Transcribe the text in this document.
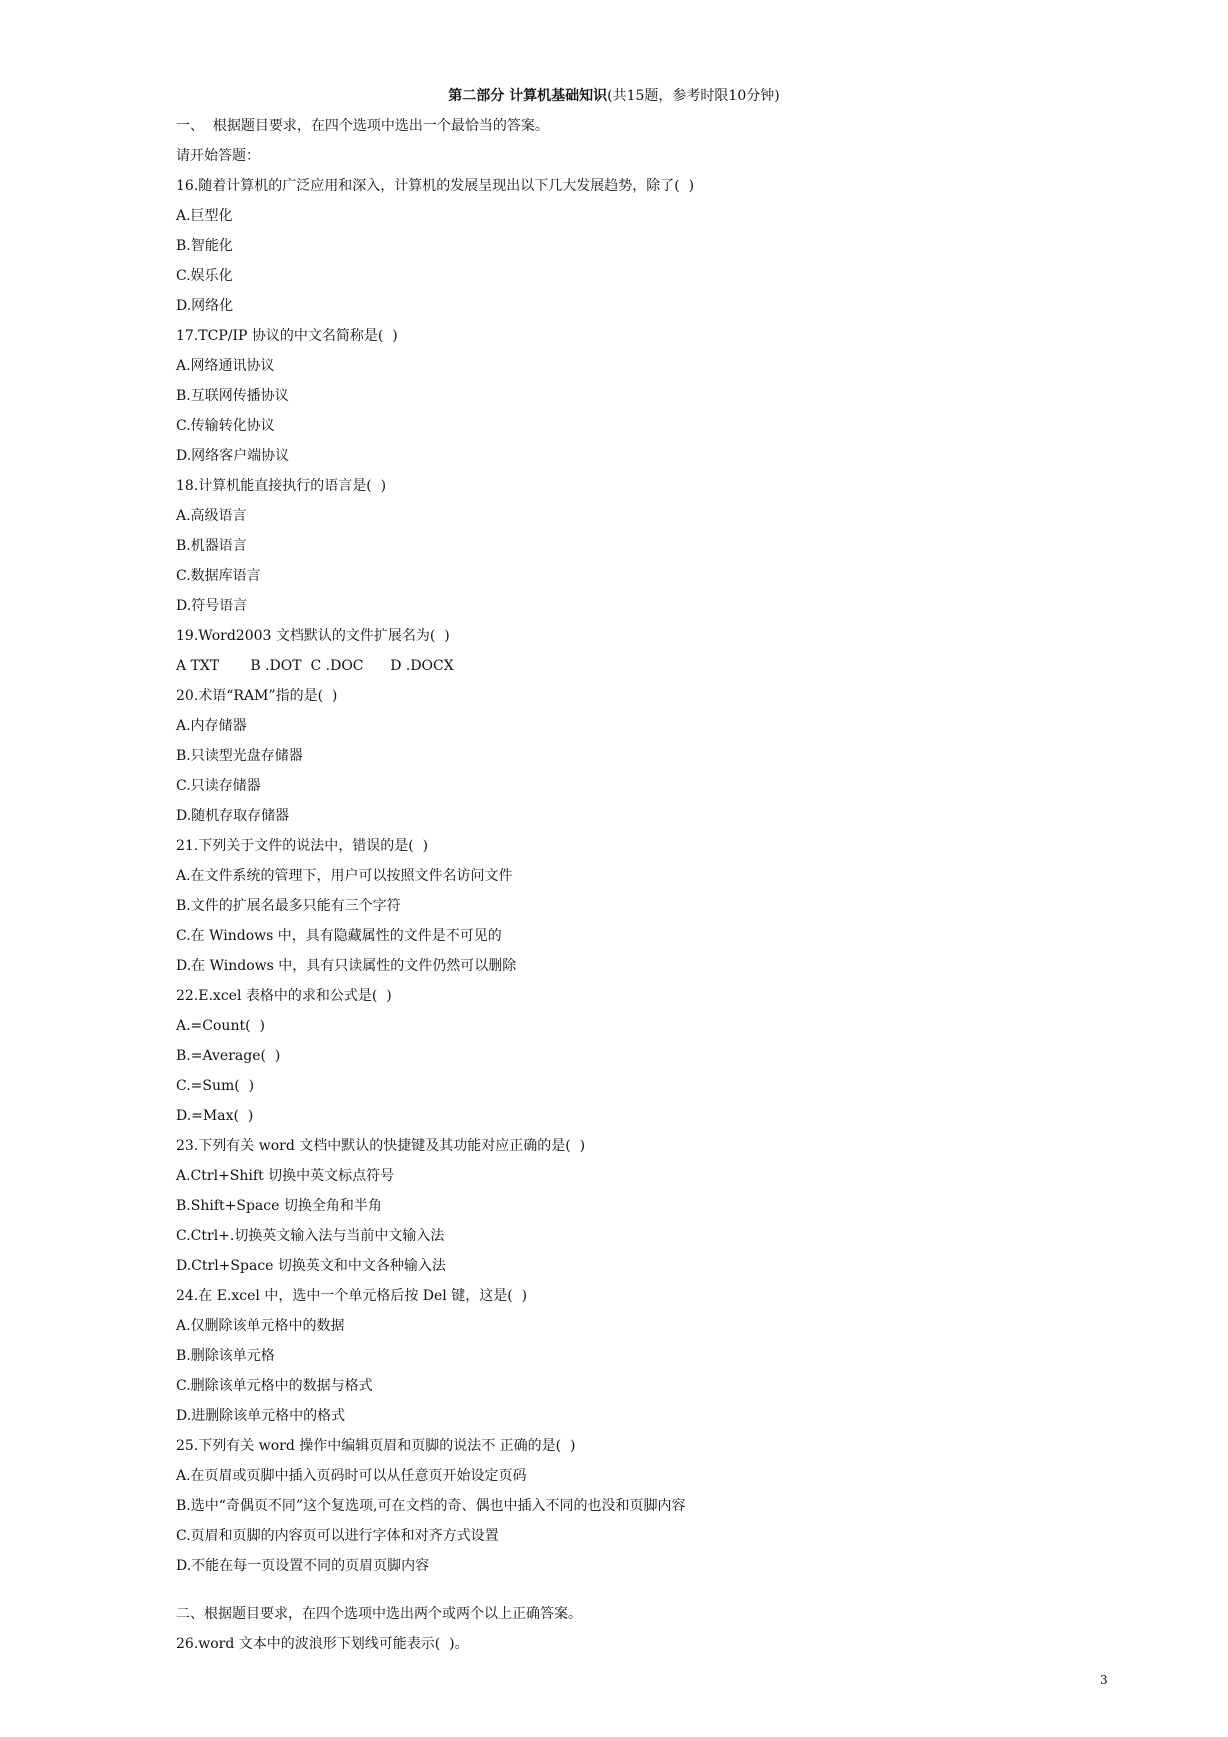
第二部分 计算机基础知识(共15题，参考时限10分钟)
一、  根据题目要求，在四个选项中选出一个最恰当的答案。
请开始答题：
16.随着计算机的广泛应用和深入，计算机的发展呈现出以下几大发展趋势，除了(  )
A.巨型化
B.智能化
C.娱乐化
D.网络化
17.TCP/IP 协议的中文名简称是(  )
A.网络通讯协议
B.互联网传播协议
C.传输转化协议
D.网络客户端协议
18.计算机能直接执行的语言是(  )
A.高级语言
B.机器语言
C.数据库语言
D.符号语言
19.Word2003 文档默认的文件扩展名为(  )
A TXT       B .DOT  C .DOC      D .DOCX
20.术语“RAM”指的是(  )
A.内存储器
B.只读型光盘存储器
C.只读存储器
D.随机存取存储器
21.下列关于文件的说法中，错误的是(  )
A.在文件系统的管理下，用户可以按照文件名访问文件
B.文件的扩展名最多只能有三个字符
C.在 Windows 中，具有隐藏属性的文件是不可见的
D.在 Windows 中，具有只读属性的文件仍然可以删除
22.E.xcel 表格中的求和公式是(  )
A.=Count(  )
B.=Average(  )
C.=Sum(  )
D.=Max(  )
23.下列有关 word 文档中默认的快捷键及其功能对应正确的是(  )
A.Ctrl+Shift 切换中英文标点符号
B.Shift+Space 切换全角和半角
C.Ctrl+.切换英文输入法与当前中文输入法
D.Ctrl+Space 切换英文和中文各种输入法
24.在 E.xcel 中，选中一个单元格后按 Del 键，这是(  )
A.仅删除该单元格中的数据
B.删除该单元格
C.删除该单元格中的数据与格式
D.进删除该单元格中的格式
25.下列有关 word 操作中编辑页眉和页脚的说法不 正确的是(  )
A.在页眉或页脚中插入页码时可以从任意页开始设定页码
B.选中“奇偶页不同”这个复选项,可在文档的奇、偶也中插入不同的也没和页脚内容
C.页眉和页脚的内容页可以进行字体和对齐方式设置
D.不能在每一页设置不同的页眉页脚内容
二、根据题目要求，在四个选项中选出两个或两个以上正确答案。
26.word 文本中的波浪形下划线可能表示(  )。
3
